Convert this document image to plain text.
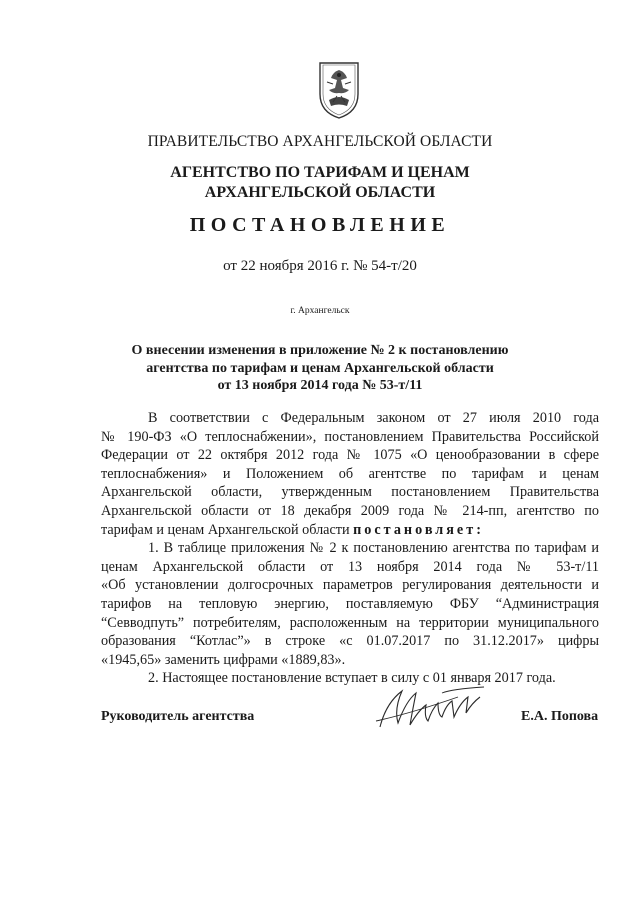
ПРАВИТЕЛЬСТВО АРХАНГЕЛЬСКОЙ ОБЛАСТИ
АГЕНТСТВО ПО ТАРИФАМ И ЦЕНАМ
АРХАНГЕЛЬСКОЙ ОБЛАСТИ
ПОСТАНОВЛЕНИЕ
от 22 ноября 2016 г. № 54-т/20
г. Архангельск
О внесении изменения в приложение № 2 к постановлению
агентства по тарифам и ценам Архангельской области
от 13 ноября 2014 года № 53-т/11
В соответствии с Федеральным законом от 27 июля 2010 года
№ 190-ФЗ «О теплоснабжении», постановлением Правительства Российской
Федерации от 22 октября 2012 года № 1075 «О ценообразовании в сфере
теплоснабжения» и Положением об агентстве по тарифам и ценам
Архангельской области, утвержденным постановлением Правительства
Архангельской области от 18 декабря 2009 года № 214-пп, агентство по
тарифам и ценам Архангельской области постановляет:
1. В таблице приложения № 2 к постановлению агентства по тарифам и
ценам Архангельской области от 13 ноября 2014 года № 53-т/11
«Об установлении долгосрочных параметров регулирования деятельности и
тарифов на тепловую энергию, поставляемую ФБУ “Администрация
“Севводпуть” потребителям, расположенным на территории муниципального
образования “Котлас”» в строке «с 01.07.2017 по 31.12.2017» цифры
«1945,65» заменить цифрами «1889,83».
2. Настоящее постановление вступает в силу с 01 января 2017 года.
Руководитель агентства	Е.А. Попова
